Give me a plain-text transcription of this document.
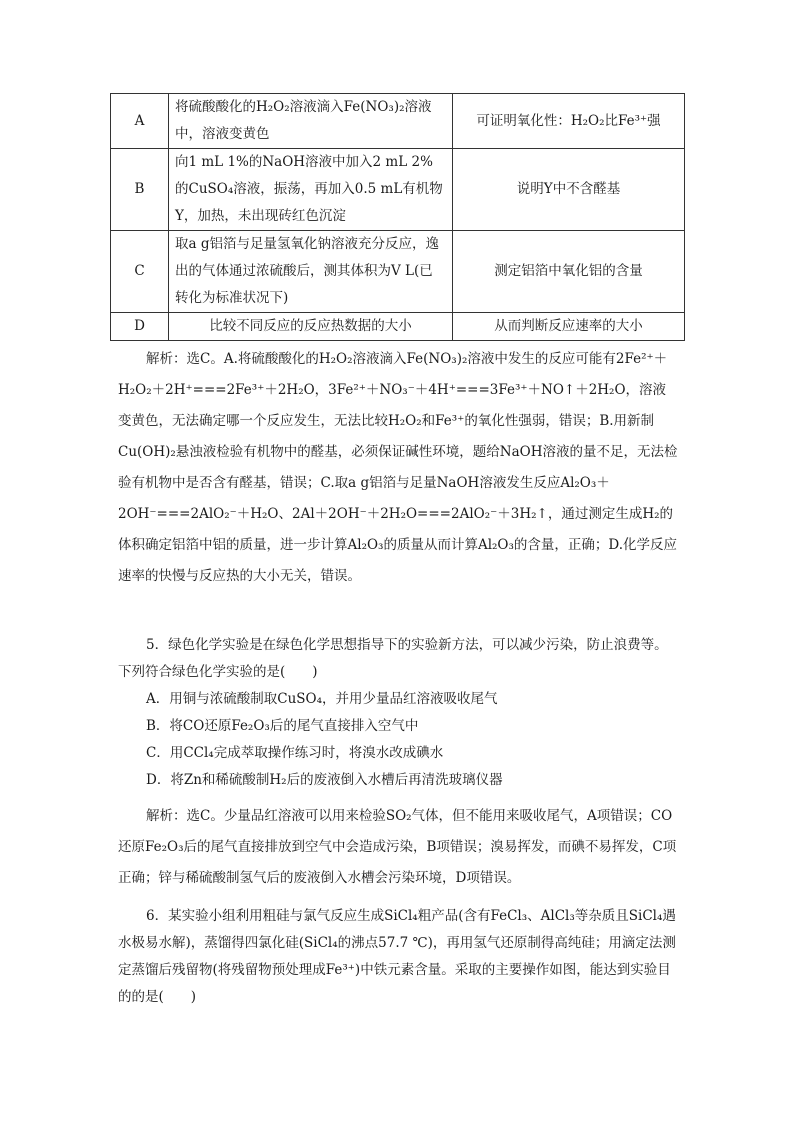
A	将硫酸酸化的H₂O₂溶液滴入Fe(NO₃)₂溶液中，溶液变黄色	可证明氧化性：H₂O₂比Fe³⁺强
B	向1 mL 1%的NaOH溶液中加入2 mL 2%的CuSO₄溶液，振荡，再加入0.5 mL有机物Y，加热，未出现砖红色沉淀	说明Y中不含醛基
C	取a g铝箔与足量氢氧化钠溶液充分反应，逸出的气体通过浓硫酸后，测其体积为V L(已转化为标准状况下)	测定铝箔中氧化铝的含量
D	比较不同反应的反应热数据的大小	从而判断反应速率的大小

解析：选C。A.将硫酸酸化的H₂O₂溶液滴入Fe(NO₃)₂溶液中发生的反应可能有2Fe²⁺＋H₂O₂＋2H⁺===2Fe³⁺＋2H₂O，3Fe²⁺＋NO₃⁻＋4H⁺===3Fe³⁺＋NO↑＋2H₂O，溶液变黄色，无法确定哪一个反应发生，无法比较H₂O₂和Fe³⁺的氧化性强弱，错误；B.用新制Cu(OH)₂悬浊液检验有机物中的醛基，必须保证碱性环境，题给NaOH溶液的量不足，无法检验有机物中是否含有醛基，错误；C.取a g铝箔与足量NaOH溶液发生反应Al₂O₃＋2OH⁻===2AlO₂⁻＋H₂O、2Al＋2OH⁻＋2H₂O===2AlO₂⁻＋3H₂↑，通过测定生成H₂的体积确定铝箔中铝的质量，进一步计算Al₂O₃的质量从而计算Al₂O₃的含量，正确；D.化学反应速率的快慢与反应热的大小无关，错误。

5．绿色化学实验是在绿色化学思想指导下的实验新方法，可以减少污染，防止浪费等。下列符合绿色化学实验的是(　　)

A．用铜与浓硫酸制取CuSO₄，并用少量品红溶液吸收尾气

B．将CO还原Fe₂O₃后的尾气直接排入空气中

C．用CCl₄完成萃取操作练习时，将溴水改成碘水

D．将Zn和稀硫酸制H₂后的废液倒入水槽后再清洗玻璃仪器

解析：选C。少量品红溶液可以用来检验SO₂气体，但不能用来吸收尾气，A项错误；CO还原Fe₂O₃后的尾气直接排放到空气中会造成污染，B项错误；溴易挥发，而碘不易挥发，C项正确；锌与稀硫酸制氢气后的废液倒入水槽会污染环境，D项错误。

6．某实验小组利用粗硅与氯气反应生成SiCl₄粗产品(含有FeCl₃、AlCl₃等杂质且SiCl₄遇水极易水解)，蒸馏得四氯化硅(SiCl₄的沸点57.7 ℃)，再用氢气还原制得高纯硅；用滴定法测定蒸馏后残留物(将残留物预处理成Fe³⁺)中铁元素含量。采取的主要操作如图，能达到实验目的的是(　　)
